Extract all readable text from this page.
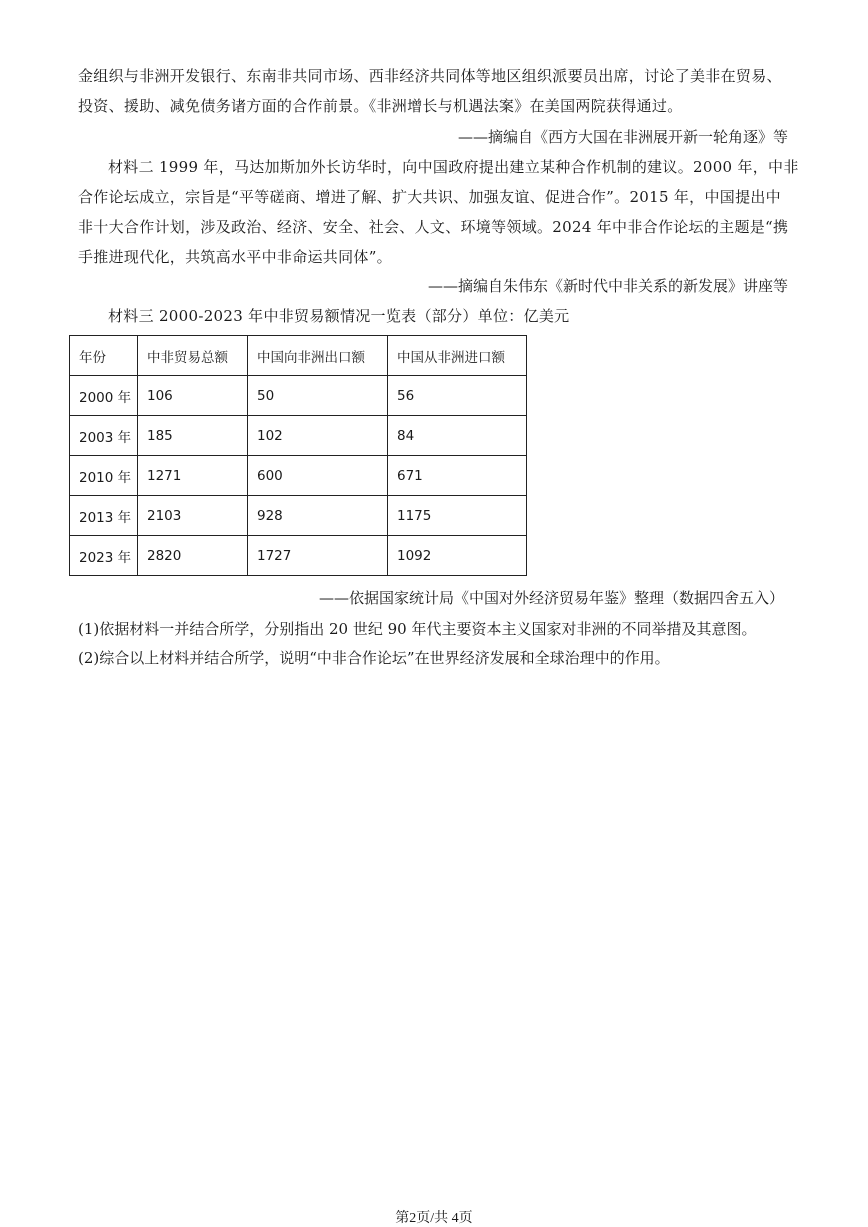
金组织与非洲开发银行、东南非共同市场、西非经济共同体等地区组织派要员出席，讨论了美非在贸易、
投资、援助、减免债务诸方面的合作前景。《非洲增长与机遇法案》在美国两院获得通过。
——摘编自《西方大国在非洲展开新一轮角逐》等
材料二 1999 年，马达加斯加外长访华时，向中国政府提出建立某种合作机制的建议。2000 年，中非
合作论坛成立，宗旨是“平等磋商、增进了解、扩大共识、加强友谊、促进合作”。2015 年，中国提出中
非十大合作计划，涉及政治、经济、安全、社会、人文、环境等领域。2024 年中非合作论坛的主题是“携
手推进现代化，共筑高水平中非命运共同体”。
——摘编自朱伟东《新时代中非关系的新发展》讲座等
材料三 2000-2023 年中非贸易额情况一览表（部分）单位：亿美元
年份	中非贸易总额	中国向非洲出口额	中国从非洲进口额
2000 年	106	50	56
2003 年	185	102	84
2010 年	1271	600	671
2013 年	2103	928	1175
2023 年	2820	1727	1092
——依据国家统计局《中国对外经济贸易年鉴》整理（数据四舍五入）
(1)依据材料一并结合所学，分别指出 20 世纪 90 年代主要资本主义国家对非洲的不同举措及其意图。
(2)综合以上材料并结合所学，说明“中非合作论坛”在世界经济发展和全球治理中的作用。
第2页/共 4页
